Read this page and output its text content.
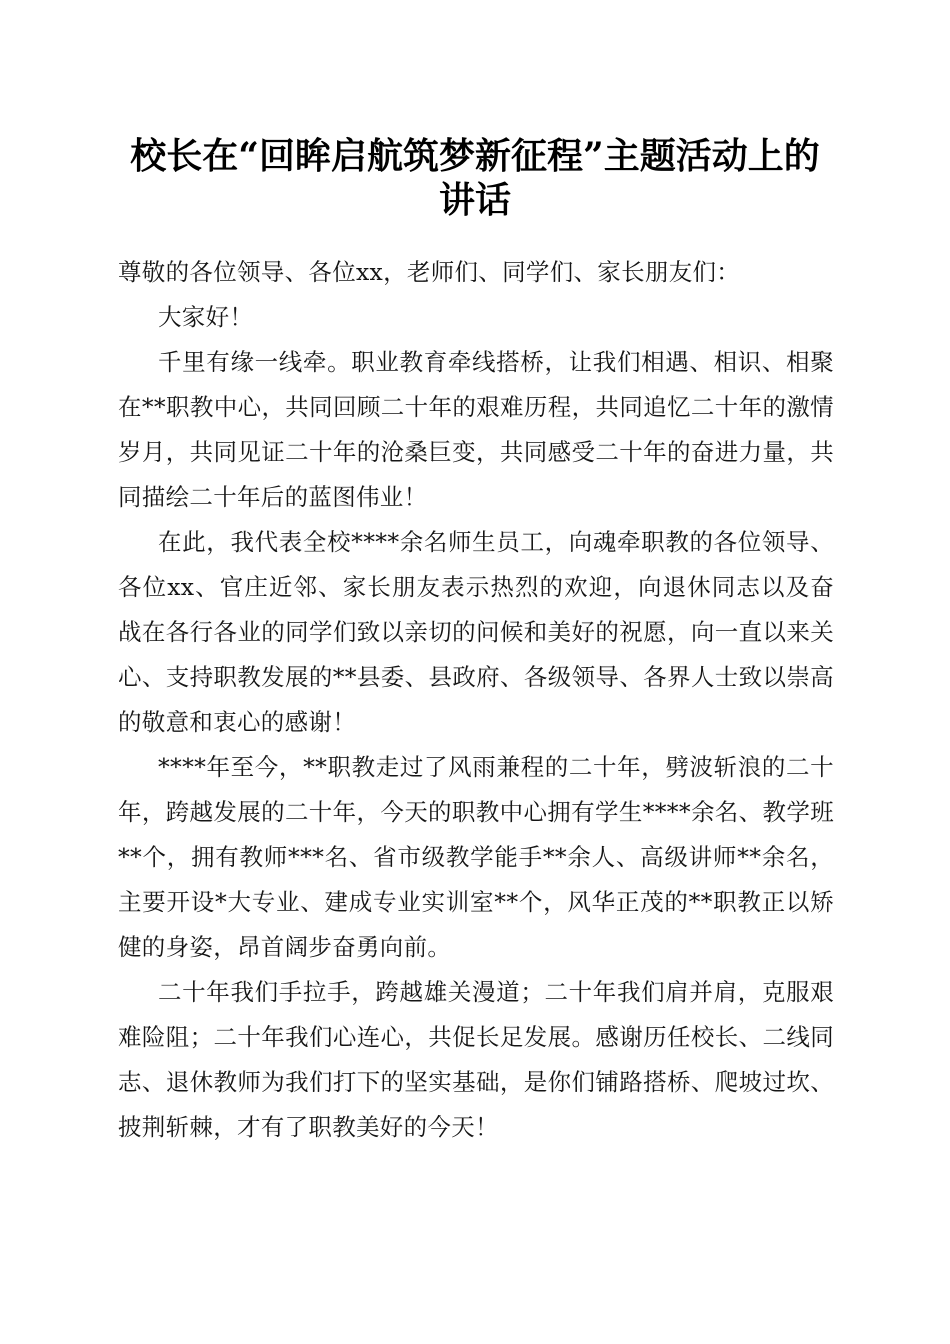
校长在“回眸启航筑梦新征程”主题活动上的
讲话

尊敬的各位领导、各位xx，老师们、同学们、家长朋友们：

大家好！

千里有缘一线牵。职业教育牵线搭桥，让我们相遇、相识、相聚在**职教中心，共同回顾二十年的艰难历程，共同追忆二十年的激情岁月，共同见证二十年的沧桑巨变，共同感受二十年的奋进力量，共同描绘二十年后的蓝图伟业！

在此，我代表全校****余名师生员工，向魂牵职教的各位领导、各位xx、官庄近邻、家长朋友表示热烈的欢迎，向退休同志以及奋战在各行各业的同学们致以亲切的问候和美好的祝愿，向一直以来关心、支持职教发展的**县委、县政府、各级领导、各界人士致以崇高的敬意和衷心的感谢！

****年至今，**职教走过了风雨兼程的二十年，劈波斩浪的二十年，跨越发展的二十年，今天的职教中心拥有学生****余名、教学班**个，拥有教师***名、省市级教学能手**余人、高级讲师**余名，主要开设*大专业、建成专业实训室**个，风华正茂的**职教正以矫健的身姿，昂首阔步奋勇向前。

二十年我们手拉手，跨越雄关漫道；二十年我们肩并肩，克服艰难险阻；二十年我们心连心，共促长足发展。感谢历任校长、二线同志、退休教师为我们打下的坚实基础，是你们铺路搭桥、爬坡过坎、披荆斩棘，才有了职教美好的今天！
